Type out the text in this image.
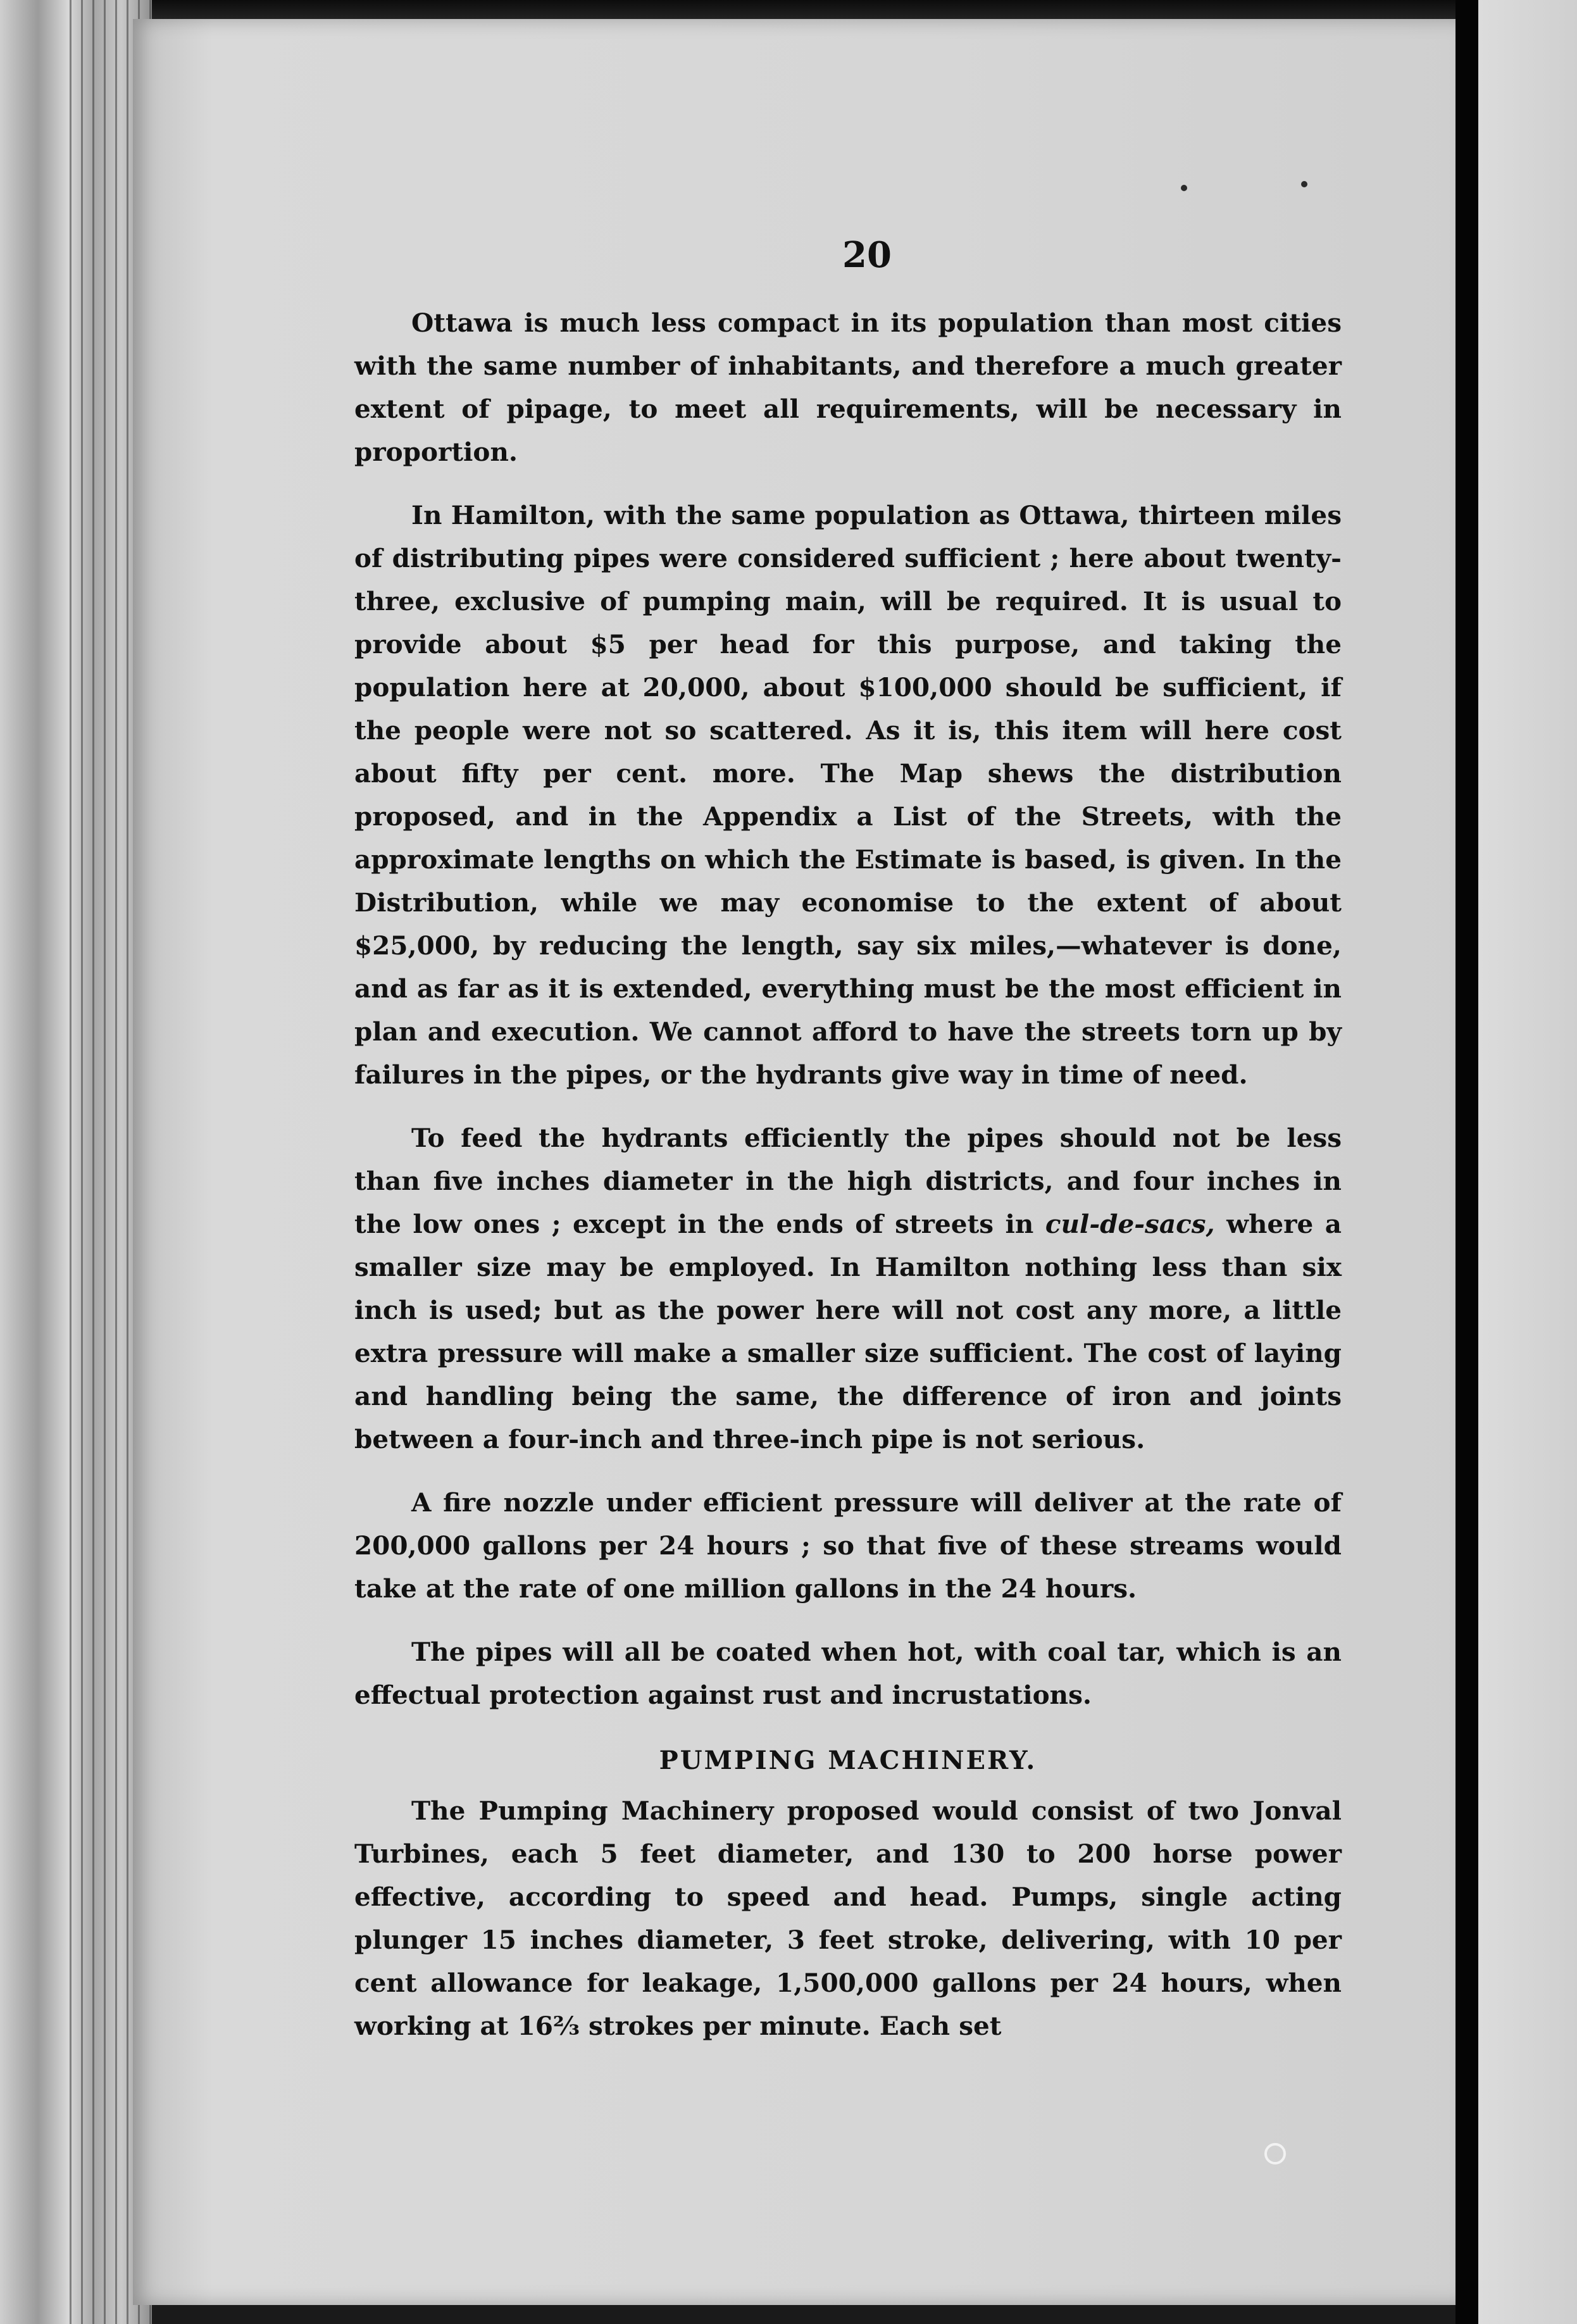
20

Ottawa is much less compact in its population than most cities with the same number of inhabitants, and therefore a much greater extent of pipage, to meet all requirements, will be necessary in proportion.

In Hamilton, with the same population as Ottawa, thirteen miles of distributing pipes were considered sufficient ; here about twenty-three, exclusive of pumping main, will be required. It is usual to provide about $5 per head for this purpose, and taking the population here at 20,000, about $100,000 should be sufficient, if the people were not so scattered. As it is, this item will here cost about fifty per cent. more. The Map shews the distribution proposed, and in the Appendix a List of the Streets, with the approximate lengths on which the Estimate is based, is given. In the Distribution, while we may economise to the extent of about $25,000, by reducing the length, say six miles,—whatever is done, and as far as it is extended, everything must be the most efficient in plan and execution. We cannot afford to have the streets torn up by failures in the pipes, or the hydrants give way in time of need.

To feed the hydrants efficiently the pipes should not be less than five inches diameter in the high districts, and four inches in the low ones ; except in the ends of streets in cul-de-sacs, where a smaller size may be employed. In Hamilton nothing less than six inch is used; but as the power here will not cost any more, a little extra pressure will make a smaller size sufficient. The cost of laying and handling being the same, the difference of iron and joints between a four-inch and three-inch pipe is not serious.

A fire nozzle under efficient pressure will deliver at the rate of 200,000 gallons per 24 hours ; so that five of these streams would take at the rate of one million gallons in the 24 hours.

The pipes will all be coated when hot, with coal tar, which is an effectual protection against rust and incrustations.

PUMPING MACHINERY.

The Pumping Machinery proposed would consist of two Jonval Turbines, each 5 feet diameter, and 130 to 200 horse power effective, according to speed and head. Pumps, single acting plunger 15 inches diameter, 3 feet stroke, delivering, with 10 per cent allowance for leakage, 1,500,000 gallons per 24 hours, when working at 16⅔ strokes per minute. Each set
